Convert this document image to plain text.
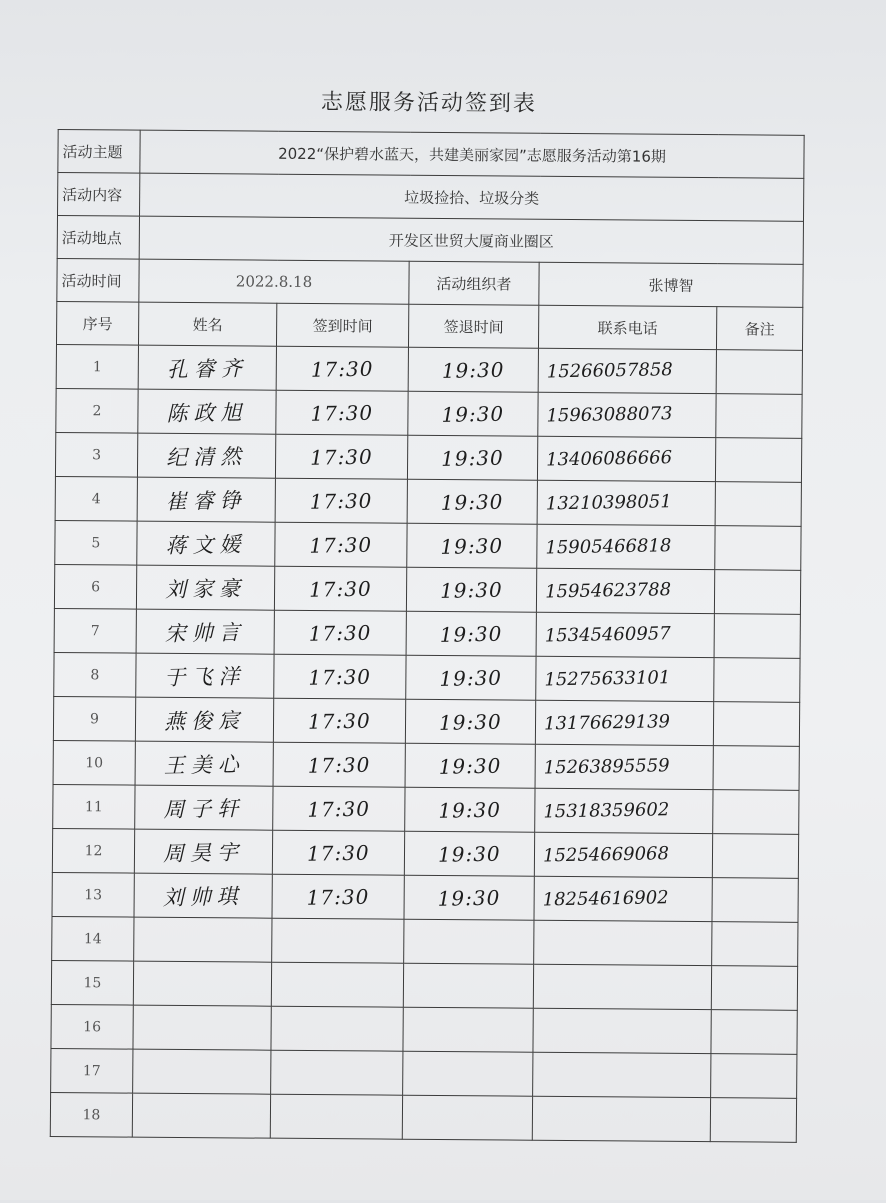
志愿服务活动签到表
活动主题	2022“保护碧水蓝天，共建美丽家园”志愿服务活动第16期				
活动内容	垃圾捡拾、垃圾分类				
活动地点	开发区世贸大厦商业圈区				
活动时间	2022.8.18		活动组织者	张博智	
序号	姓名	签到时间	签退时间	联系电话	备注
1	孔睿齐	17:30	19:30	15266057858	
2	陈政旭	17:30	19:30	15963088073	
3	纪清然	17:30	19:30	13406086666	
4	崔睿铮	17:30	19:30	13210398051	
5	蒋文媛	17:30	19:30	15905466818	
6	刘家豪	17:30	19:30	15954623788	
7	宋帅言	17:30	19:30	15345460957	
8	于飞洋	17:30	19:30	15275633101	
9	燕俊宸	17:30	19:30	13176629139	
10	王美心	17:30	19:30	15263895559	
11	周子轩	17:30	19:30	15318359602	
12	周昊宇	17:30	19:30	15254669068	
13	刘帅琪	17:30	19:30	18254616902	
14					
15					
16					
17					
18					
